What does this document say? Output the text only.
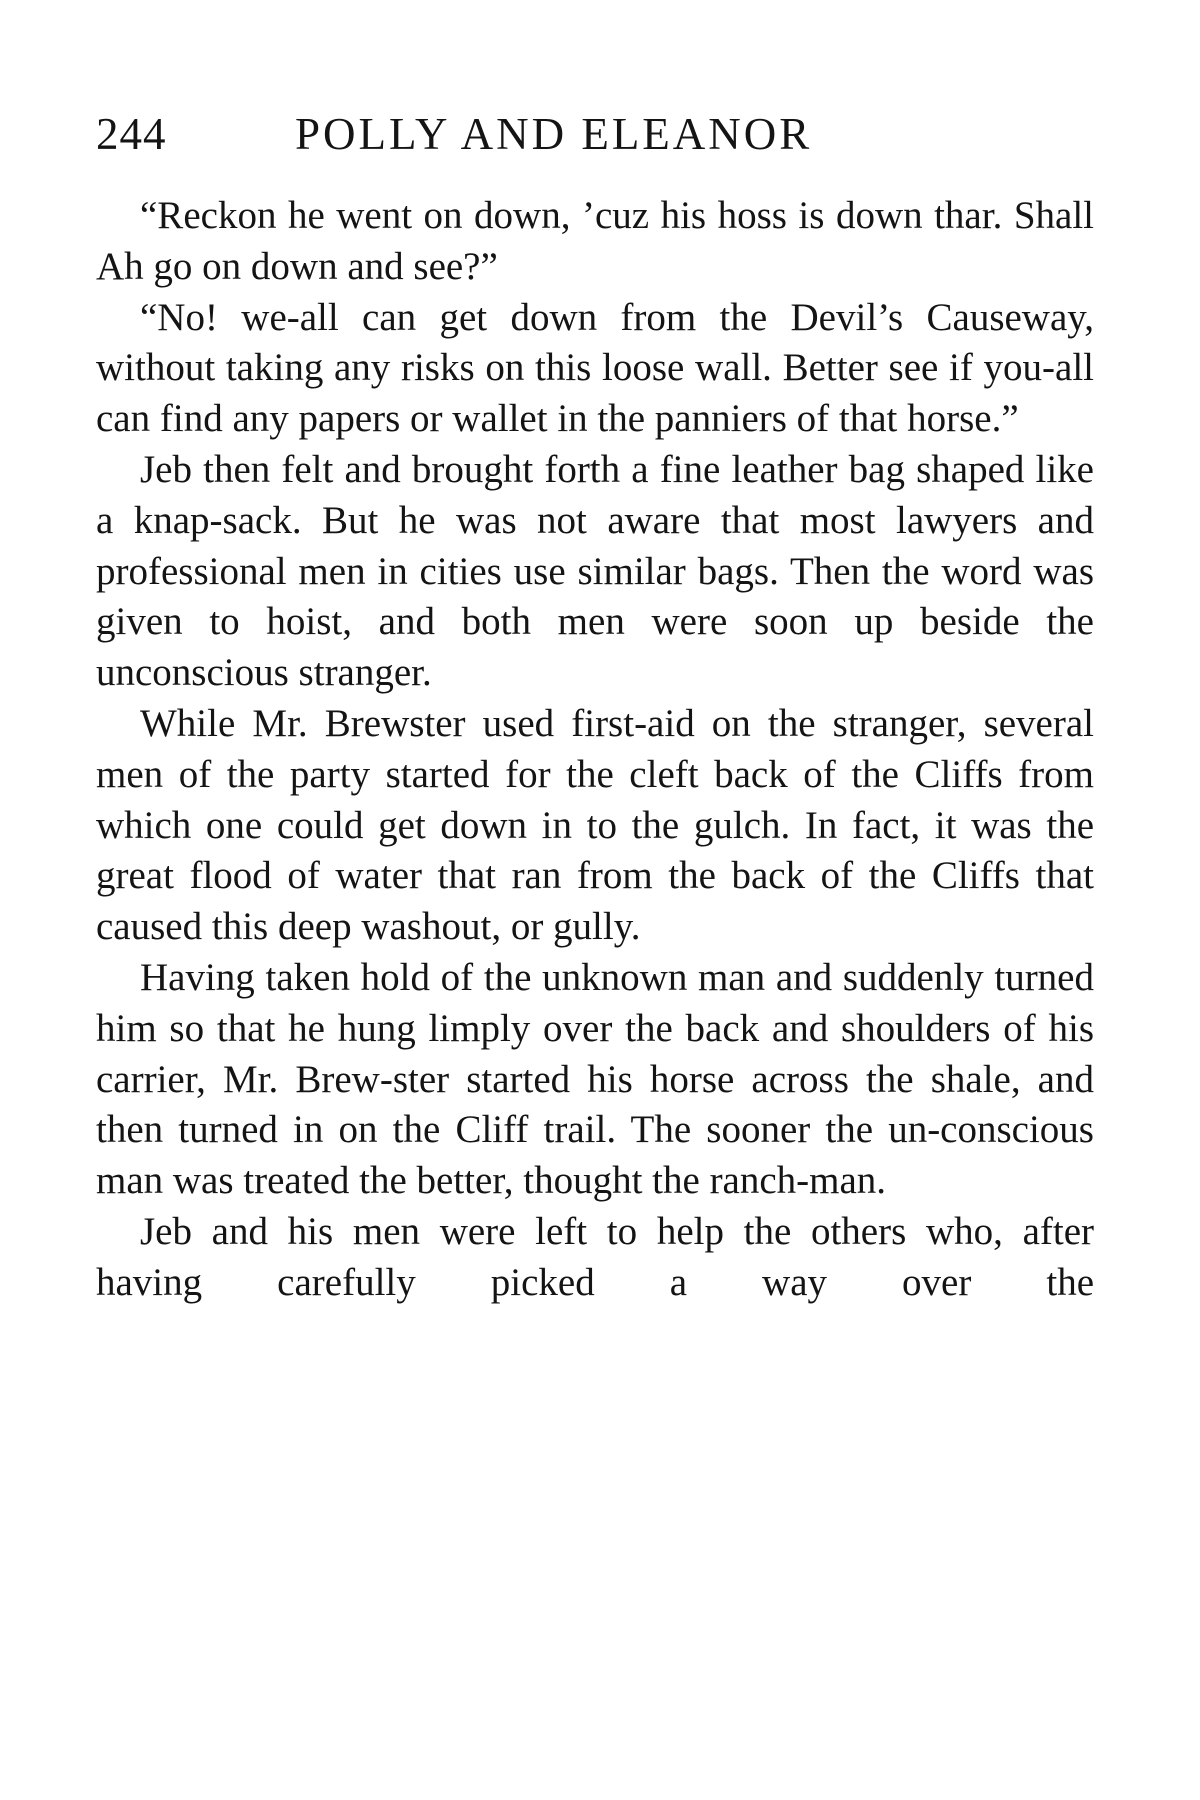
244	POLLY AND ELEANOR

“Reckon he went on down, ’cuz his hoss is down thar. Shall Ah go on down and see?”

“No! we-all can get down from the Devil’s Causeway, without taking any risks on this loose wall. Better see if you-all can find any papers or wallet in the panniers of that horse.”

Jeb then felt and brought forth a fine leather bag shaped like a knap-sack. But he was not aware that most lawyers and professional men in cities use similar bags. Then the word was given to hoist, and both men were soon up beside the unconscious stranger.

While Mr. Brewster used first-aid on the stranger, several men of the party started for the cleft back of the Cliffs from which one could get down in to the gulch. In fact, it was the great flood of water that ran from the back of the Cliffs that caused this deep washout, or gully.

Having taken hold of the unknown man and suddenly turned him so that he hung limply over the back and shoulders of his carrier, Mr. Brew-ster started his horse across the shale, and then turned in on the Cliff trail. The sooner the un-conscious man was treated the better, thought the ranch-man.

Jeb and his men were left to help the others who, after having carefully picked a way over the
